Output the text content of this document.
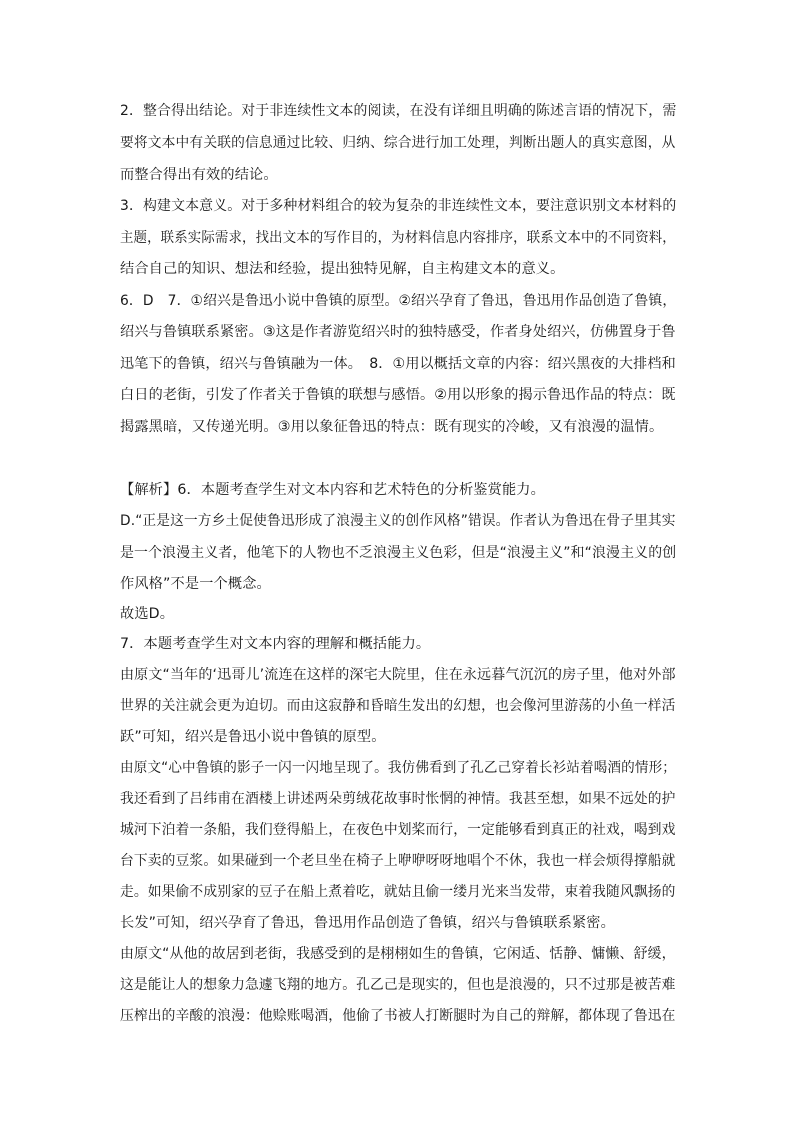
2．整合得出结论。对于非连续性文本的阅读，在没有详细且明确的陈述言语的情况下，需
要将文本中有关联的信息通过比较、归纳、综合进行加工处理，判断出题人的真实意图，从
而整合得出有效的结论。
3．构建文本意义。对于多种材料组合的较为复杂的非连续性文本，要注意识别文本材料的
主题，联系实际需求，找出文本的写作目的，为材料信息内容排序，联系文本中的不同资料，
结合自己的知识、想法和经验，提出独特见解，自主构建文本的意义。
6．D　7．①绍兴是鲁迅小说中鲁镇的原型。②绍兴孕育了鲁迅，鲁迅用作品创造了鲁镇，
绍兴与鲁镇联系紧密。③这是作者游览绍兴时的独特感受，作者身处绍兴，仿佛置身于鲁
迅笔下的鲁镇，绍兴与鲁镇融为一体。　8．①用以概括文章的内容：绍兴黑夜的大排档和
白日的老街，引发了作者关于鲁镇的联想与感悟。②用以形象的揭示鲁迅作品的特点：既
揭露黑暗，又传递光明。③用以象征鲁迅的特点：既有现实的冷峻，又有浪漫的温情。
【解析】6．本题考查学生对文本内容和艺术特色的分析鉴赏能力。
D.“正是这一方乡土促使鲁迅形成了浪漫主义的创作风格”错误。作者认为鲁迅在骨子里其实
是一个浪漫主义者，他笔下的人物也不乏浪漫主义色彩，但是“浪漫主义”和“浪漫主义的创
作风格”不是一个概念。
故选D。
7．本题考查学生对文本内容的理解和概括能力。
由原文“当年的‘迅哥儿’流连在这样的深宅大院里，住在永远暮气沉沉的房子里，他对外部
世界的关注就会更为迫切。而由这寂静和昏暗生发出的幻想，也会像河里游荡的小鱼一样活
跃”可知，绍兴是鲁迅小说中鲁镇的原型。
由原文“心中鲁镇的影子一闪一闪地呈现了。我仿佛看到了孔乙己穿着长衫站着喝酒的情形；
我还看到了吕纬甫在酒楼上讲述两朵剪绒花故事时怅惘的神情。我甚至想，如果不远处的护
城河下泊着一条船，我们登得船上，在夜色中划桨而行，一定能够看到真正的社戏，喝到戏
台下卖的豆浆。如果碰到一个老旦坐在椅子上咿咿呀呀地唱个不休，我也一样会烦得撑船就
走。如果偷不成别家的豆子在船上煮着吃，就姑且偷一缕月光来当发带，束着我随风飘扬的
长发”可知，绍兴孕育了鲁迅，鲁迅用作品创造了鲁镇，绍兴与鲁镇联系紧密。
由原文“从他的故居到老街，我感受到的是栩栩如生的鲁镇，它闲适、恬静、慵懒、舒缓，
这是能让人的想象力急遽飞翔的地方。孔乙己是现实的，但也是浪漫的，只不过那是被苦难
压榨出的辛酸的浪漫：他赊账喝酒，他偷了书被人打断腿时为自己的辩解，都体现了鲁迅在
